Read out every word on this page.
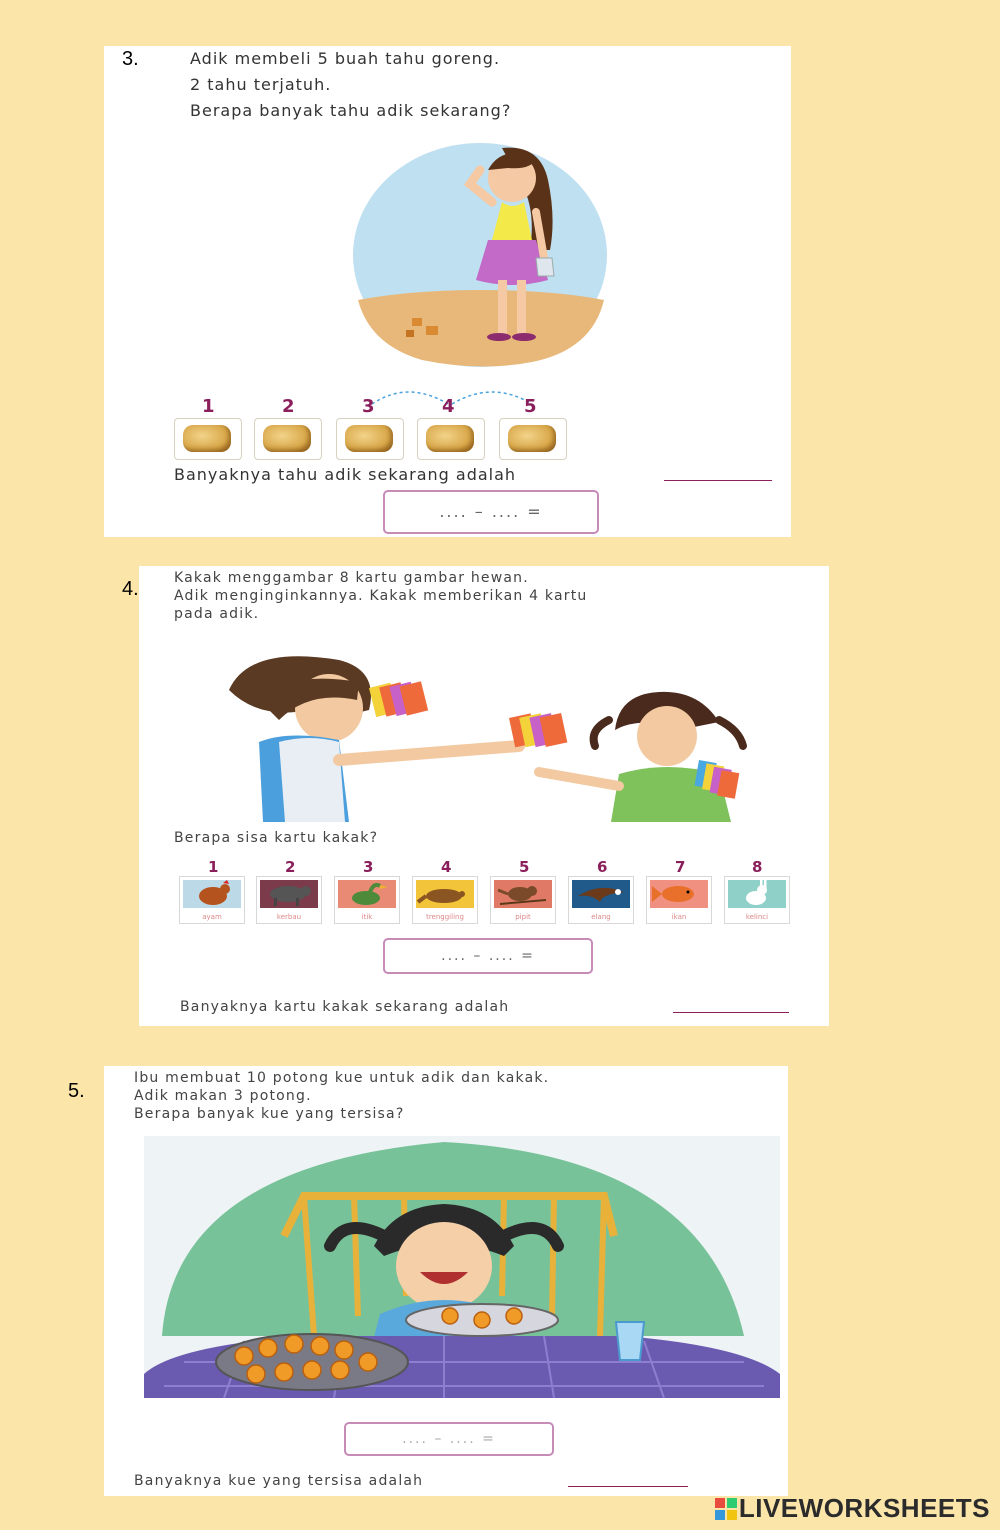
3.	Adik membeli 5 buah tahu goreng.
2 tahu terjatuh.
Berapa banyak tahu adik sekarang?
1	2	3	4	5
Banyaknya tahu adik sekarang adalah
.... – .... =
4.	Kakak menggambar 8 kartu gambar hewan.
Adik menginginkannya. Kakak memberikan 4 kartu
pada adik.
Berapa sisa kartu kakak?
1	2	3	4	5	6	7	8
ayam	kerbau	itik	trenggiling	pipit	elang	ikan	kelinci
.... – .... =
Banyaknya kartu kakak sekarang adalah
5.
Ibu membuat 10 potong kue untuk adik dan kakak.
Adik makan 3 potong.
Berapa banyak kue yang tersisa?
.... – .... =
Banyaknya kue yang tersisa adalah
LIVEWORKSHEETS
